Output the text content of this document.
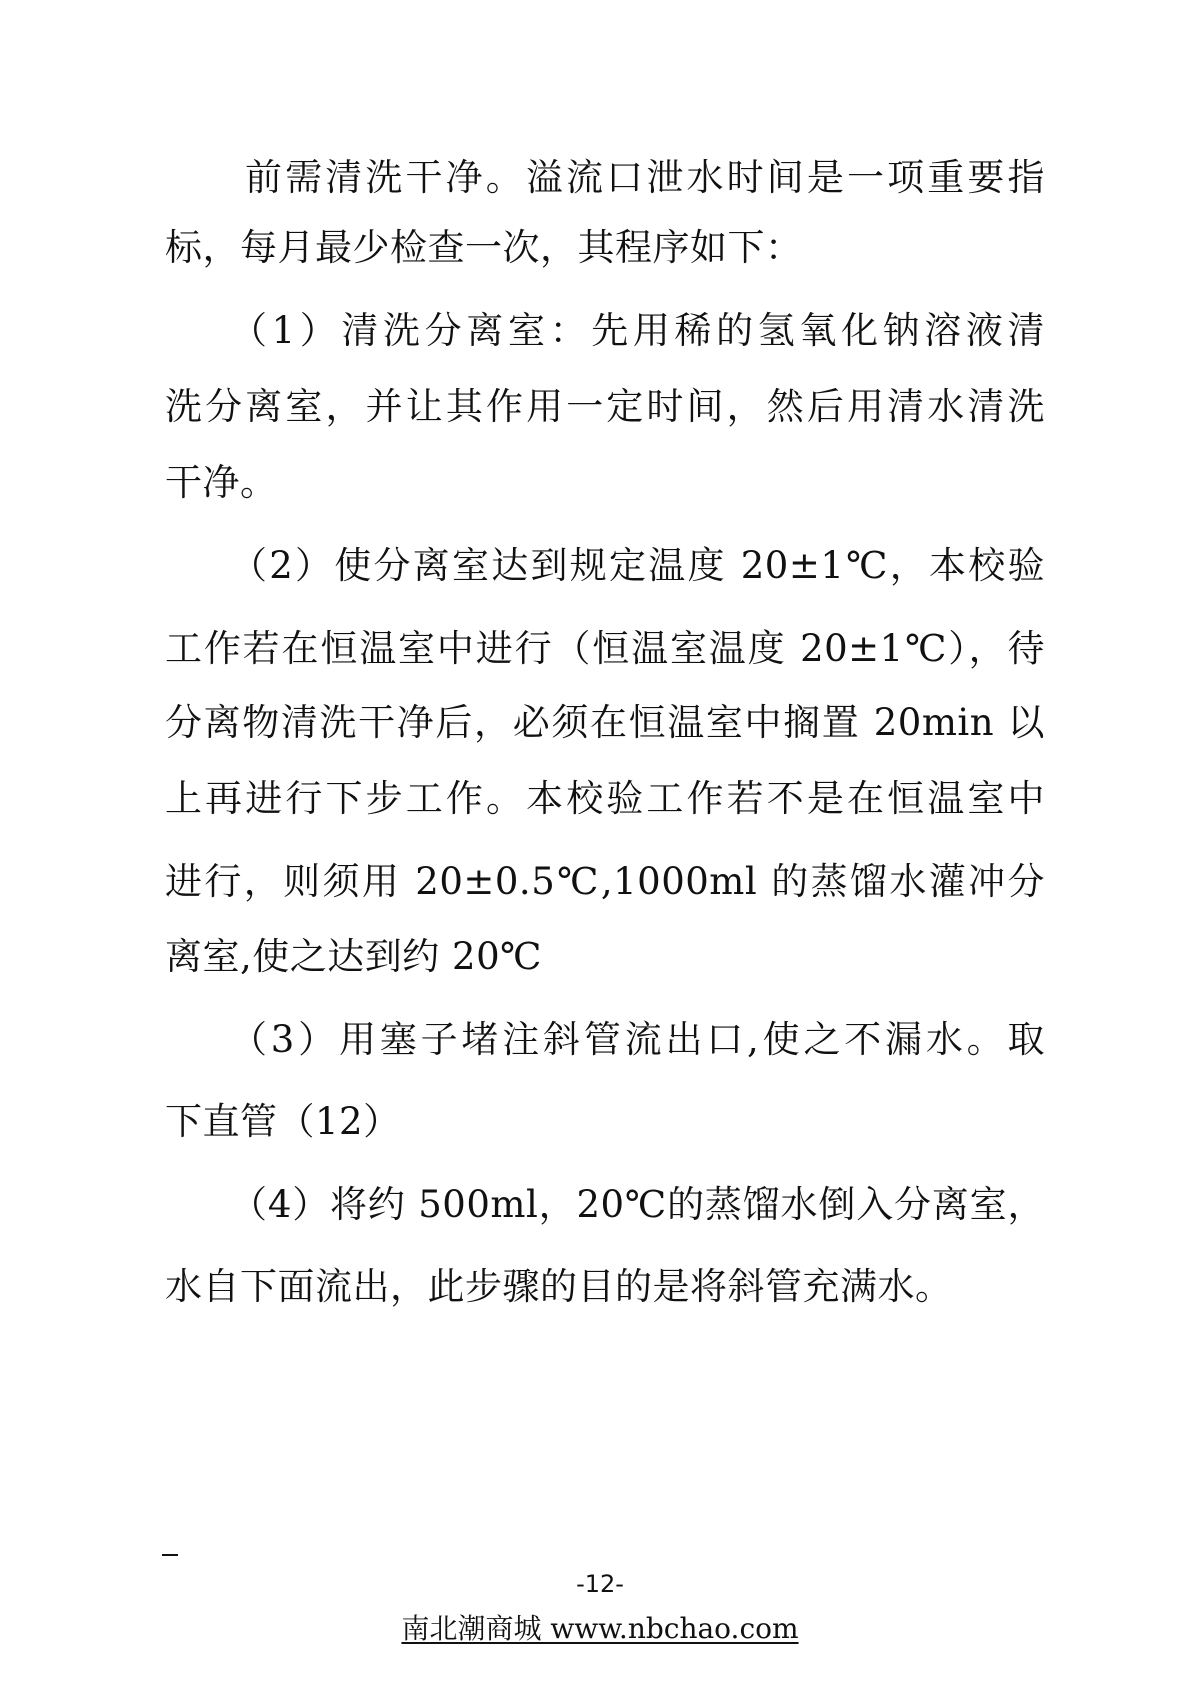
前需清洗干净。溢流口泄水时间是一项重要指
标，每月最少检查一次，其程序如下：
（1）清洗分离室：先用稀的氢氧化钠溶液清
洗分离室，并让其作用一定时间，然后用清水清洗
干净。
（2）使分离室达到规定温度 20±1℃，本校验
工作若在恒温室中进行（恒温室温度 20±1℃），待
分离物清洗干净后，必须在恒温室中搁置 20min 以
上再进行下步工作。本校验工作若不是在恒温室中
进行，则须用 20±0.5℃,1000ml 的蒸馏水灌冲分
离室,使之达到约 20℃
（3）用塞子堵注斜管流出口,使之不漏水。取
下直管（12）
（4）将约 500ml，20℃的蒸馏水倒入分离室，
水自下面流出，此步骤的目的是将斜管充满水。
-12-
南北潮商城 www.nbchao.com
